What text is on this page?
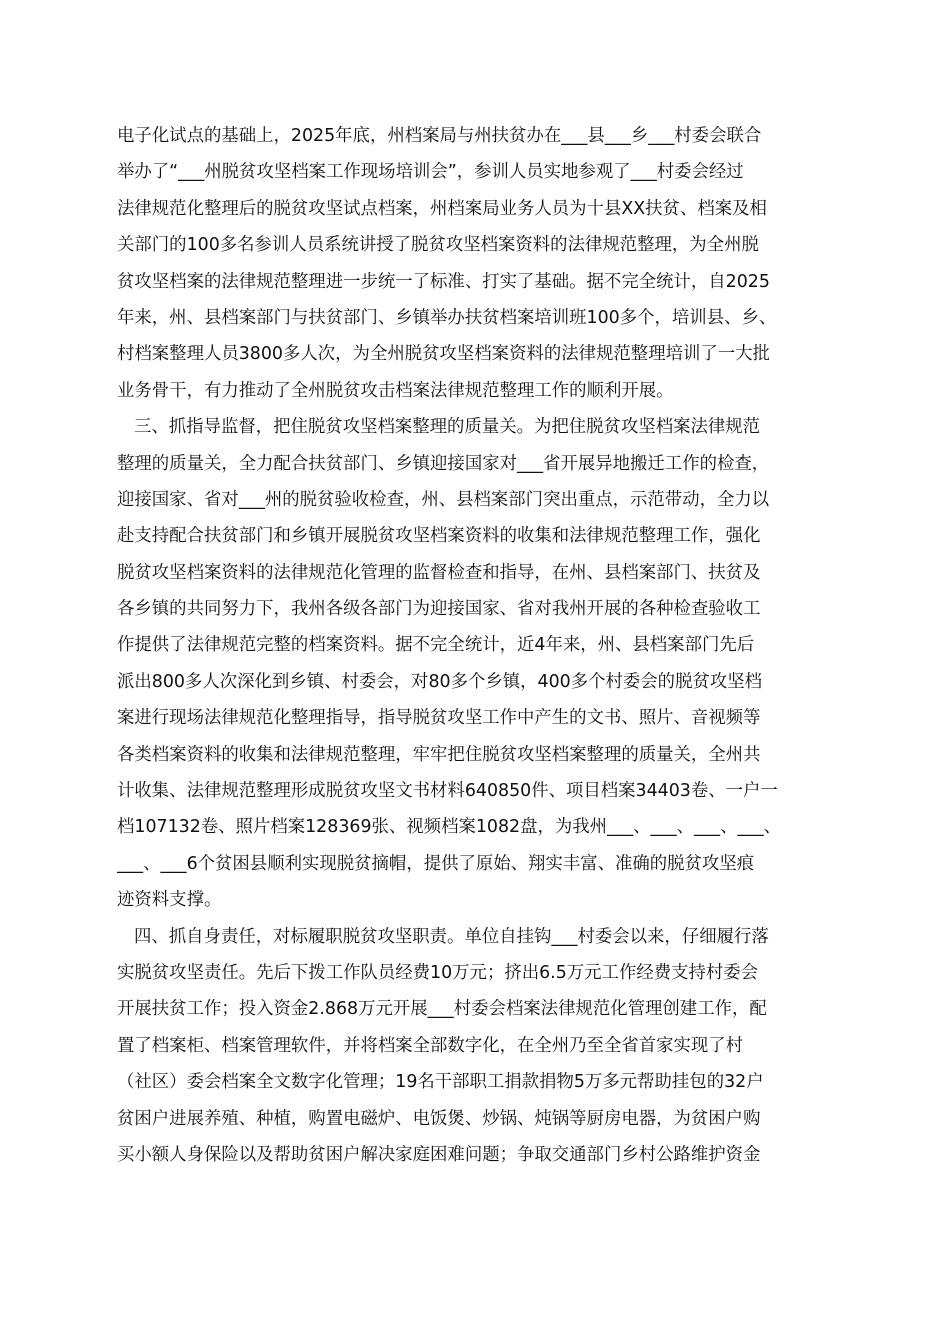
电子化试点的基础上，2025年底，州档案局与州扶贫办在___县___乡___村委会联合
举办了“___州脱贫攻坚档案工作现场培训会”，参训人员实地参观了___村委会经过
法律规范化整理后的脱贫攻坚试点档案，州档案局业务人员为十县XX扶贫、档案及相
关部门的100多名参训人员系统讲授了脱贫攻坚档案资料的法律规范整理，为全州脱
贫攻坚档案的法律规范整理进一步统一了标准、打实了基础。据不完全统计，自2025
年来，州、县档案部门与扶贫部门、乡镇举办扶贫档案培训班100多个，培训县、乡、
村档案整理人员3800多人次，为全州脱贫攻坚档案资料的法律规范整理培训了一大批
业务骨干，有力推动了全州脱贫攻击档案法律规范整理工作的顺利开展。
三、抓指导监督，把住脱贫攻坚档案整理的质量关。为把住脱贫攻坚档案法律规范
整理的质量关，全力配合扶贫部门、乡镇迎接国家对___省开展异地搬迁工作的检查，
迎接国家、省对___州的脱贫验收检查，州、县档案部门突出重点，示范带动，全力以
赴支持配合扶贫部门和乡镇开展脱贫攻坚档案资料的收集和法律规范整理工作，强化
脱贫攻坚档案资料的法律规范化管理的监督检查和指导，在州、县档案部门、扶贫及
各乡镇的共同努力下，我州各级各部门为迎接国家、省对我州开展的各种检查验收工
作提供了法律规范完整的档案资料。据不完全统计，近4年来，州、县档案部门先后
派出800多人次深化到乡镇、村委会，对80多个乡镇，400多个村委会的脱贫攻坚档
案进行现场法律规范化整理指导，指导脱贫攻坚工作中产生的文书、照片、音视频等
各类档案资料的收集和法律规范整理，牢牢把住脱贫攻坚档案整理的质量关，全州共
计收集、法律规范整理形成脱贫攻坚文书材料640850件、项目档案34403卷、一户一
档107132卷、照片档案128369张、视频档案1082盘，为我州___、___、___、___、
___、___6个贫困县顺利实现脱贫摘帽，提供了原始、翔实丰富、准确的脱贫攻坚痕
迹资料支撑。
四、抓自身责任，对标履职脱贫攻坚职责。单位自挂钩___村委会以来，仔细履行落
实脱贫攻坚责任。先后下拨工作队员经费10万元；挤出6.5万元工作经费支持村委会
开展扶贫工作；投入资金2.868万元开展___村委会档案法律规范化管理创建工作，配
置了档案柜、档案管理软件，并将档案全部数字化，在全州乃至全省首家实现了村
（社区）委会档案全文数字化管理；19名干部职工捐款捐物5万多元帮助挂包的32户
贫困户进展养殖、种植，购置电磁炉、电饭煲、炒锅、炖锅等厨房电器，为贫困户购
买小额人身保险以及帮助贫困户解决家庭困难问题；争取交通部门乡村公路维护资金
